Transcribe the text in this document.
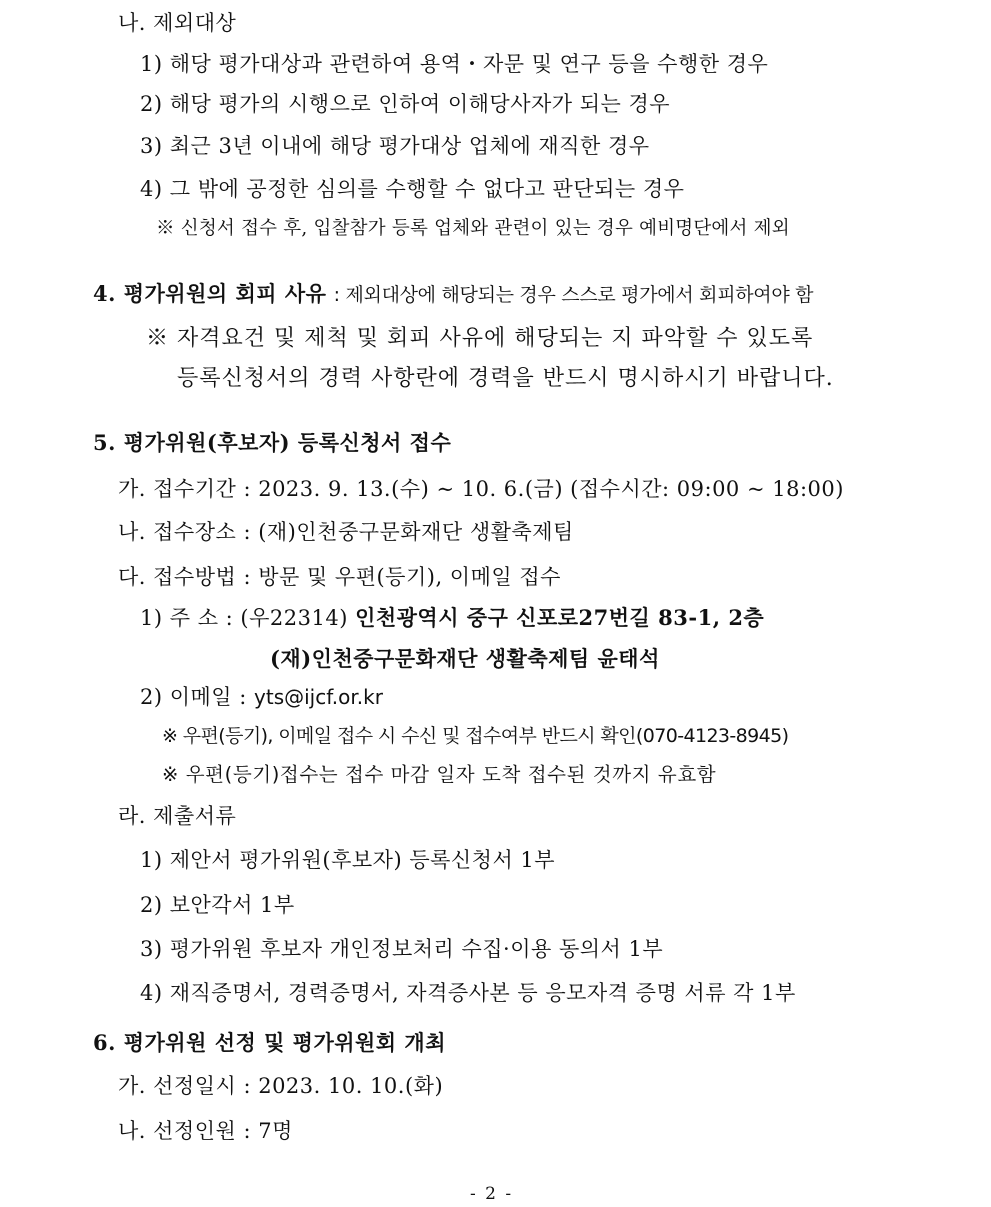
나. 제외대상
1) 해당 평가대상과 관련하여 용역・자문 및 연구 등을 수행한 경우
2) 해당 평가의 시행으로 인하여 이해당사자가 되는 경우
3) 최근 3년 이내에 해당 평가대상 업체에 재직한 경우
4) 그 밖에 공정한 심의를 수행할 수 없다고 판단되는 경우
※ 신청서 접수 후, 입찰참가 등록 업체와 관련이 있는 경우 예비명단에서 제외
4. 평가위원의 회피 사유 : 제외대상에 해당되는 경우 스스로 평가에서 회피하여야 함
※ 자격요건 및 제척 및 회피 사유에 해당되는 지 파악할 수 있도록
등록신청서의 경력 사항란에 경력을 반드시 명시하시기 바랍니다.
5. 평가위원(후보자) 등록신청서 접수
가. 접수기간 : 2023. 9. 13.(수) ∼ 10. 6.(금) (접수시간: 09:00 ~ 18:00)
나. 접수장소 : (재)인천중구문화재단 생활축제팀
다. 접수방법 : 방문 및 우편(등기), 이메일 접수
1) 주 소 : (우22314) 인천광역시 중구 신포로27번길 83-1, 2층
(재)인천중구문화재단 생활축제팀 윤태석
2) 이메일 : yts@ijcf.or.kr
※ 우편(등기), 이메일 접수 시 수신 및 접수여부 반드시 확인(070-4123-8945)
※ 우편(등기)접수는 접수 마감 일자 도착 접수된 것까지 유효함
라. 제출서류
1) 제안서 평가위원(후보자) 등록신청서 1부
2) 보안각서 1부
3) 평가위원 후보자 개인정보처리 수집·이용 동의서 1부
4) 재직증명서, 경력증명서, 자격증사본 등 응모자격 증명 서류 각 1부
6. 평가위원 선정 및 평가위원회 개최
가. 선정일시 : 2023. 10. 10.(화)
나. 선정인원 : 7명
- 2 -
